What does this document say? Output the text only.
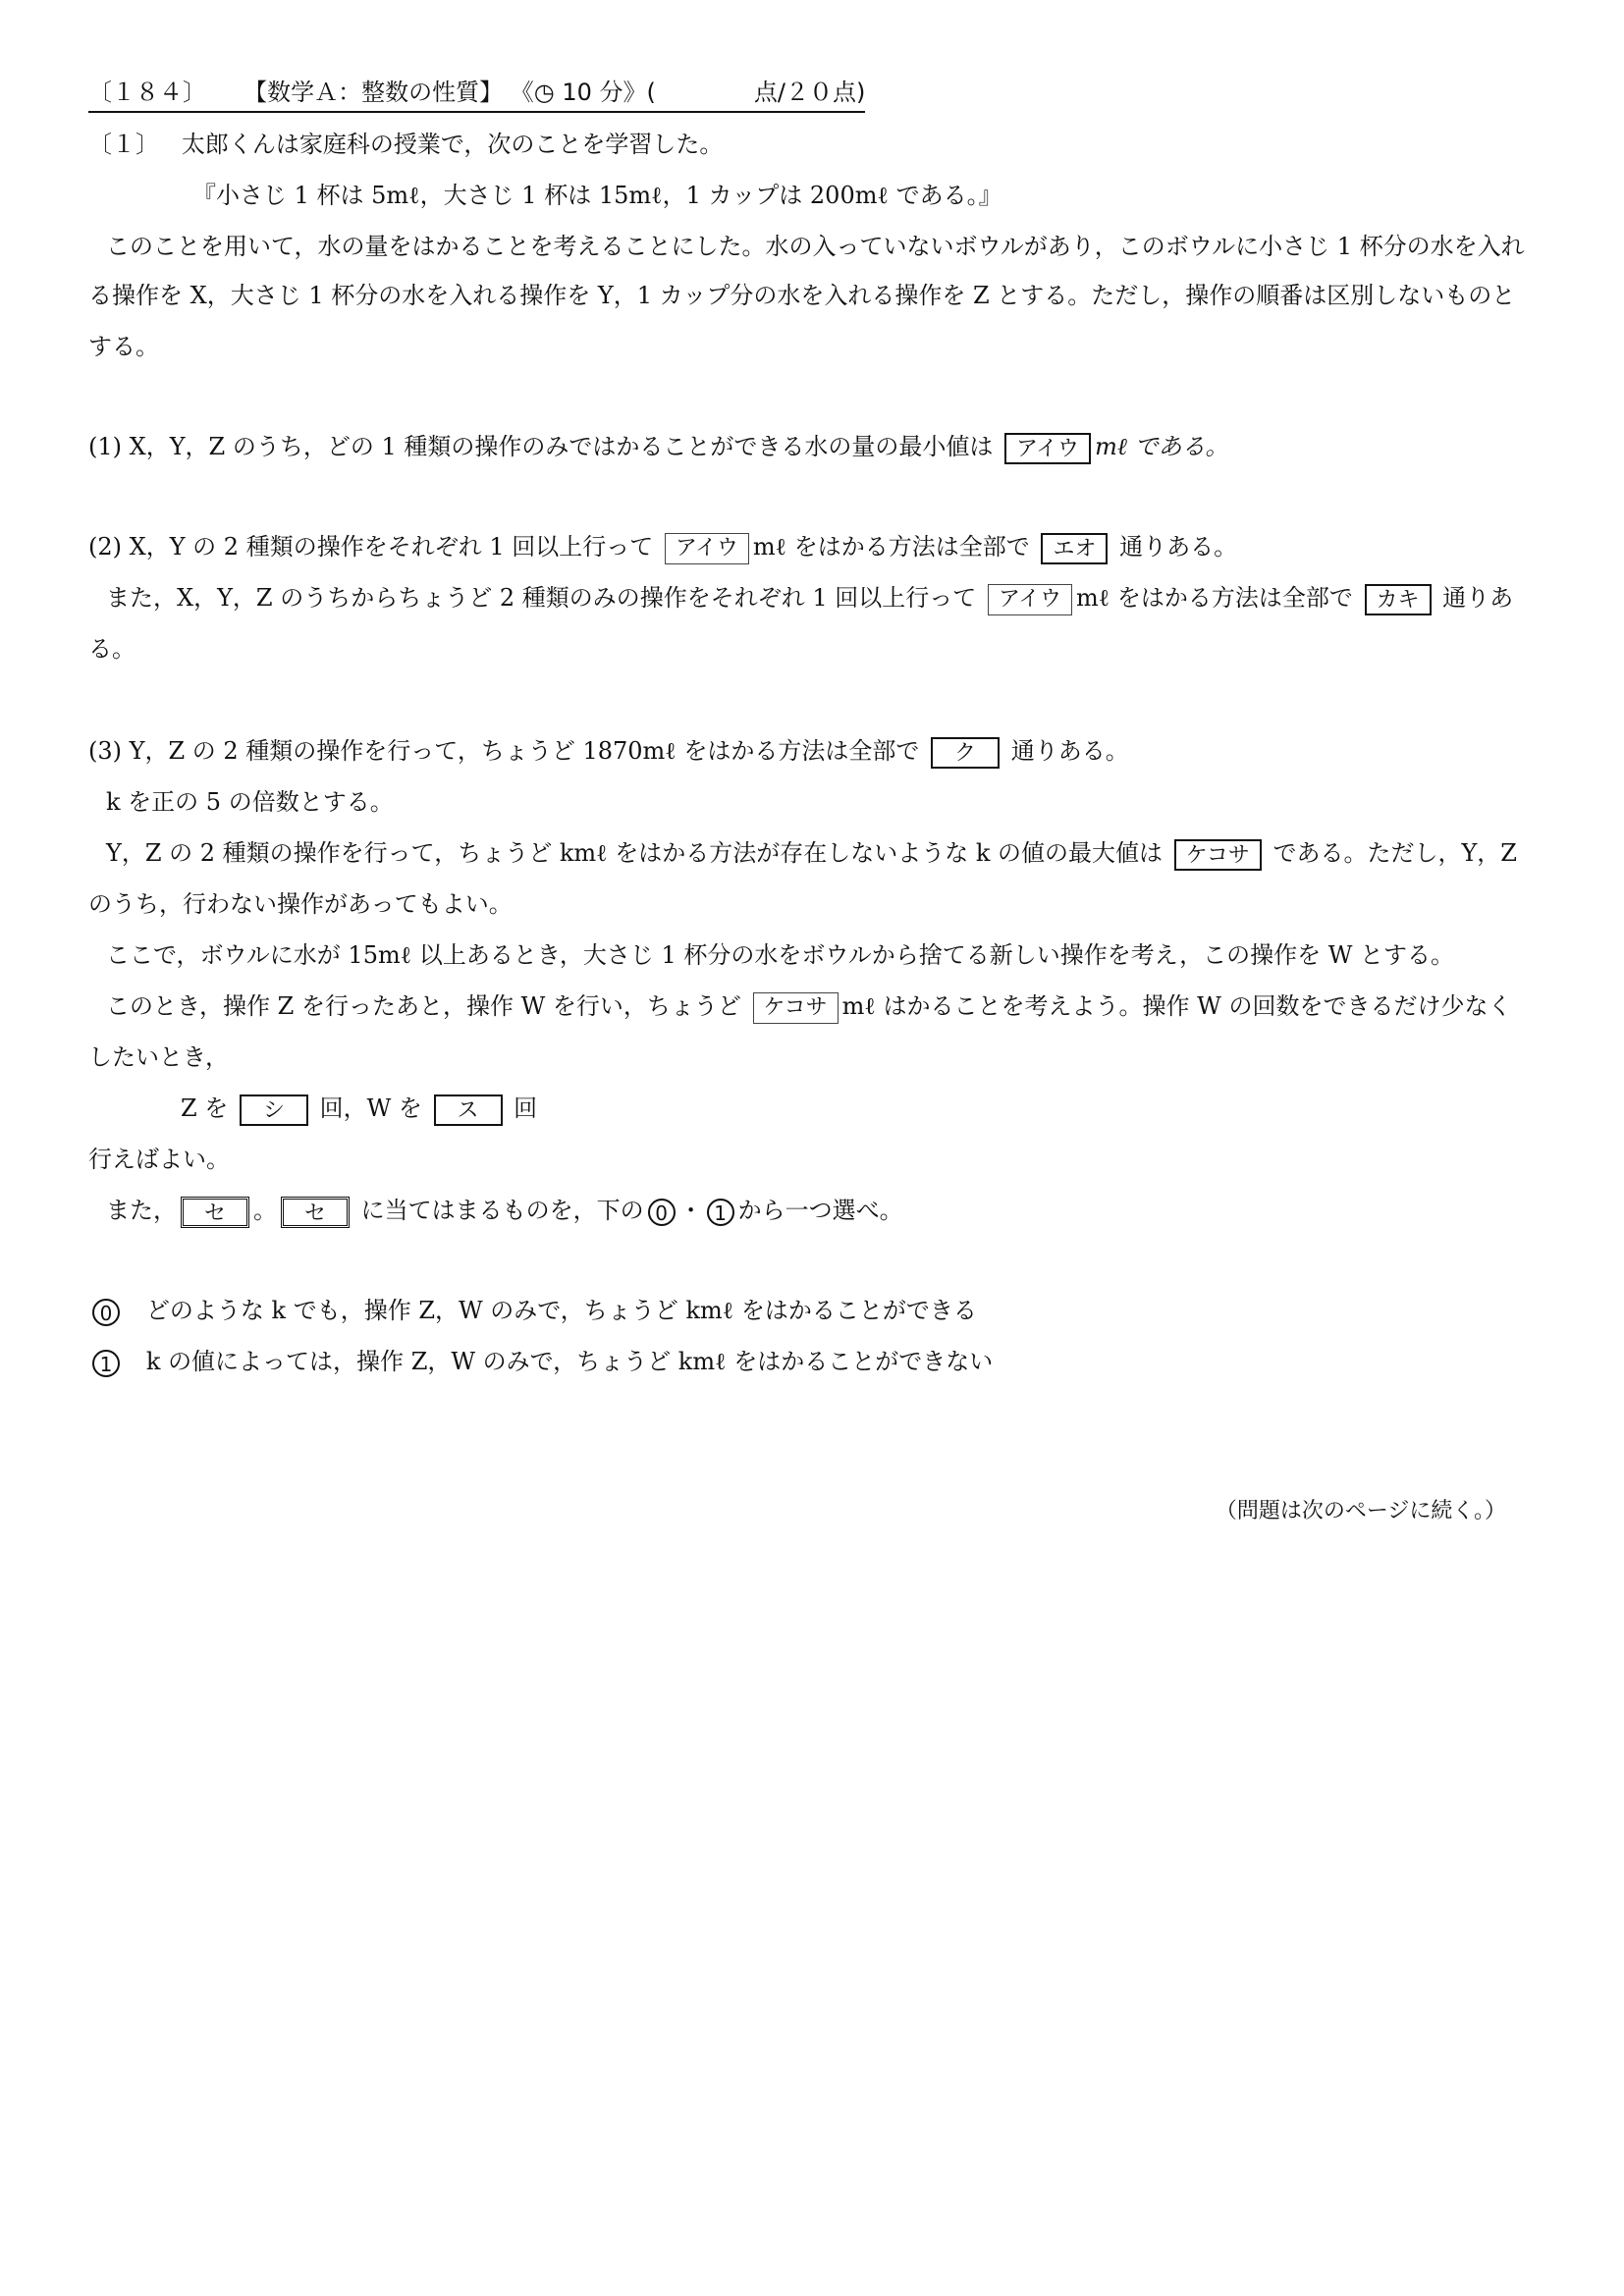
〔１８４〕 【数学Ａ：整数の性質】 《◷ 10 分》(	点/２０点)
〔１〕 太郎くんは家庭科の授業で，次のことを学習した。
『小さじ 1 杯は 5mℓ，大さじ 1 杯は 15mℓ，1 カップは 200mℓ である。』
このことを用いて，水の量をはかることを考えることにした。水の入っていないボウルがあり，このボウルに小さじ 1 杯分の水を入れ
る操作を X，大さじ 1 杯分の水を入れる操作を Y，1 カップ分の水を入れる操作を Z とする。ただし，操作の順番は区別しないものと
する。
(1) X，Y，Z のうち，どの 1 種類の操作のみではかることができる水の量の最小値は アイウ mℓ である。
(2) X，Y の 2 種類の操作をそれぞれ 1 回以上行って アイウ mℓ をはかる方法は全部で エオ 通りある。
また，X，Y，Z のうちからちょうど 2 種類のみの操作をそれぞれ 1 回以上行って アイウ mℓ をはかる方法は全部で カキ 通りあ
る。
(3) Y，Z の 2 種類の操作を行って，ちょうど 1870mℓ をはかる方法は全部で ク 通りある。
k を正の 5 の倍数とする。
Y，Z の 2 種類の操作を行って，ちょうど kmℓ をはかる方法が存在しないような k の値の最大値は ケコサ である。ただし，Y，Z
のうち，行わない操作があってもよい。
ここで，ボウルに水が 15mℓ 以上あるとき，大さじ 1 杯分の水をボウルから捨てる新しい操作を考え，この操作を W とする。
このとき，操作 Z を行ったあと，操作 W を行い，ちょうど ケコサ mℓ はかることを考えよう。操作 W の回数をできるだけ少なく
したいとき，
Z を シ 回，W を ス 回
行えばよい。
また， セ 。 セ に当てはまるものを，下の 0 ・ 1 から一つ選べ。
0 どのような k でも，操作 Z，W のみで，ちょうど kmℓ をはかることができる
1 k の値によっては，操作 Z，W のみで，ちょうど kmℓ をはかることができない
（問題は次のページに続く。）
